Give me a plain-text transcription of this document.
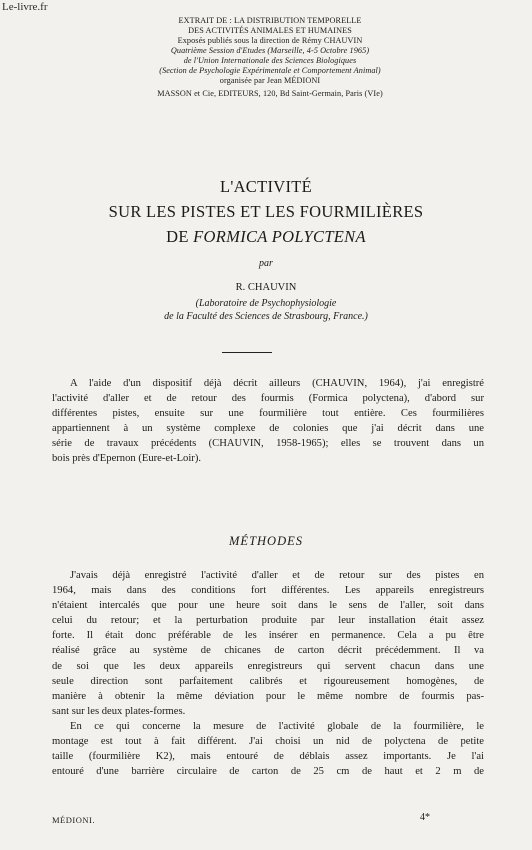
Le-livre.fr
EXTRAIT DE : LA DISTRIBUTION TEMPORELLE
DES ACTIVITÉS ANIMALES ET HUMAINES
Exposés publiés sous la direction de Rémy CHAUVIN
Quatrième Session d'Etudes (Marseille, 4-5 Octobre 1965)
de l'Union Internationale des Sciences Biologiques
(Section de Psychologie Expérimentale et Comportement Animal)
organisée par Jean MÉDIONI
MASSON et Cie, EDITEURS, 120, Bd Saint-Germain, Paris (VIe)
L'ACTIVITÉ
SUR LES PISTES ET LES FOURMILIÈRES
DE FORMICA POLYCTENA
par
R. CHAUVIN
(Laboratoire de Psychophysiologie
de la Faculté des Sciences de Strasbourg, France.)
A l'aide d'un dispositif déjà décrit ailleurs (CHAUVIN, 1964), j'ai enregistré
l'activité d'aller et de retour des fourmis (Formica polyctena), d'abord sur
différentes pistes, ensuite sur une fourmilière tout entière. Ces fourmilières
appartiennent à un système complexe de colonies que j'ai décrit dans une
série de travaux précédents (CHAUVIN, 1958-1965); elles se trouvent dans un
bois près d'Epernon (Eure-et-Loir).
MÉTHODES
J'avais déjà enregistré l'activité d'aller et de retour sur des pistes en
1964, mais dans des conditions fort différentes. Les appareils enregistreurs
n'étaient intercalés que pour une heure soit dans le sens de l'aller, soit dans
celui du retour; et la perturbation produite par leur installation était assez
forte. Il était donc préférable de les insérer en permanence. Cela a pu être
réalisé grâce au système de chicanes de carton décrit précédemment. Il va
de soi que les deux appareils enregistreurs qui servent chacun dans une
seule direction sont parfaitement calibrés et rigoureusement homogènes, de
manière à obtenir la même déviation pour le même nombre de fourmis pas-
sant sur les deux plates-formes.
En ce qui concerne la mesure de l'activité globale de la fourmilière, le
montage est tout à fait différent. J'ai choisi un nid de polyctena de petite
taille (fourmilière K2), mais entouré de déblais assez importants. Je l'ai
entouré d'une barrière circulaire de carton de 25 cm de haut et 2 m de
MÉDIONI.	4*
